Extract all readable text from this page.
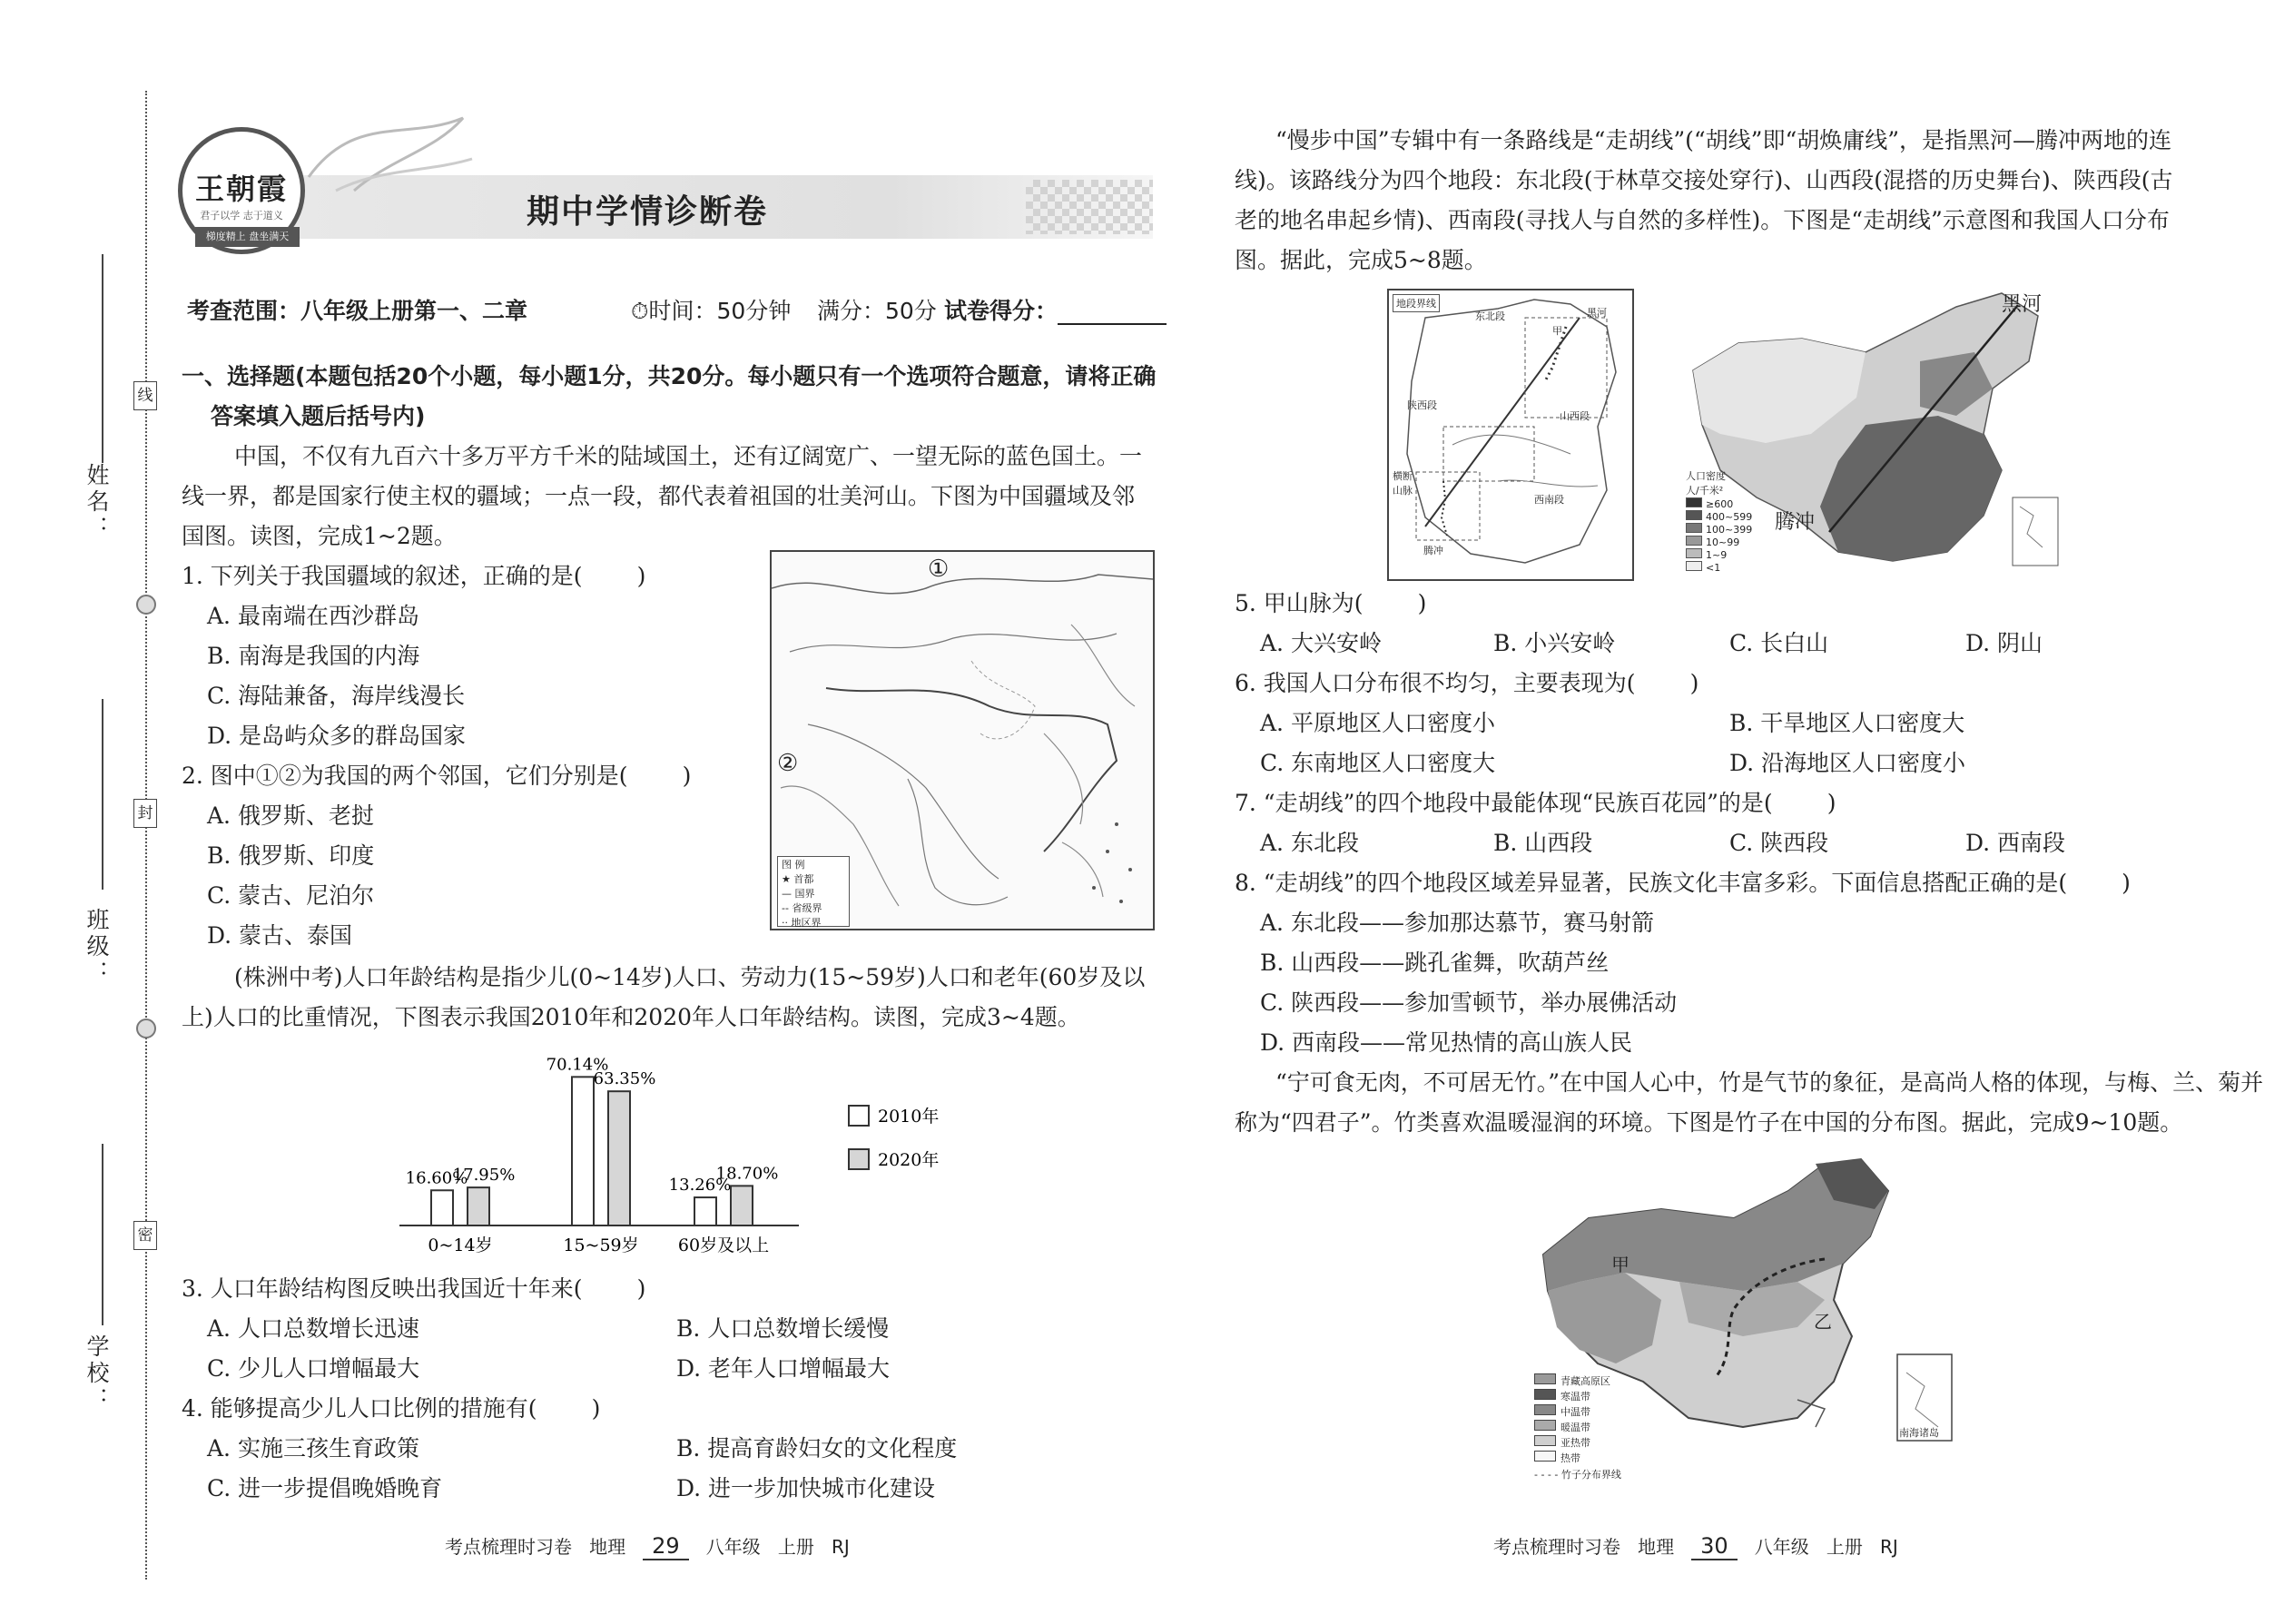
姓名：
班级：
学校：
线
封
密
王朝霞
君子以学 志于道义
梯度精上 盘坐满天
期中学情诊断卷
考查范围：八年级上册第一、二章	⏱时间：50分钟 满分：50分 试卷得分：
一、选择题(本题包括20个小题，每小题1分，共20分。每小题只有一个选项符合题意，请将正确
答案填入题后括号内)
中国，不仅有九百六十多万平方千米的陆域国土，还有辽阔宽广、一望无际的蓝色国土。一
线一界，都是国家行使主权的疆域；一点一段，都代表着祖国的壮美河山。下图为中国疆域及邻
国图。读图，完成1~2题。
1. 下列关于我国疆域的叙述，正确的是( )
A. 最南端在西沙群岛
B. 南海是我国的内海
C. 海陆兼备，海岸线漫长
D. 是岛屿众多的群岛国家
2. 图中①②为我国的两个邻国，它们分别是( )
A. 俄罗斯、老挝
B. 俄罗斯、印度
C. 蒙古、尼泊尔
D. 蒙古、泰国
①
②
图 例
★ 首都
— 国界
-- 省级界
·· 地区界
(株洲中考)人口年龄结构是指少儿(0~14岁)人口、劳动力(15~59岁)人口和老年(60岁及以
上)人口的比重情况，下图表示我国2010年和2020年人口年龄结构。读图，完成3~4题。
16.60%
17.95%
0~14岁
70.14%
63.35%
15~59岁
13.26%
18.70%
60岁及以上
2010年
2020年
3. 人口年龄结构图反映出我国近十年来( )
A. 人口总数增长迅速	B. 人口总数增长缓慢
C. 少儿人口增幅最大	D. 老年人口增幅最大
4. 能够提高少儿人口比例的措施有( )
A. 实施三孩生育政策	B. 提高育龄妇女的文化程度
C. 进一步提倡晚婚晚育	D. 进一步加快城市化建设
考点梳理时习卷 地理 29 八年级 上册 RJ
“慢步中国”专辑中有一条路线是“走胡线”(“胡线”即“胡焕庸线”，是指黑河—腾冲两地的连
线)。该路线分为四个地段：东北段(于林草交接处穿行)、山西段(混搭的历史舞台)、陕西段(古
老的地名串起乡情)、西南段(寻找人与自然的多样性)。下图是“走胡线”示意图和我国人口分布
图。据此，完成5~8题。
地段界线
东北段
甲
黑河
陕西段
山西段
西南段
横断山脉
腾冲
黑河
腾冲
人口密度
人/千米²
≥600
400~599
100~399
10~99
1~9
<1
5. 甲山脉为( )
A. 大兴安岭	B. 小兴安岭	C. 长白山	D. 阴山
6. 我国人口分布很不均匀，主要表现为( )
A. 平原地区人口密度小	B. 干旱地区人口密度大
C. 东南地区人口密度大	D. 沿海地区人口密度小
7. “走胡线”的四个地段中最能体现“民族百花园”的是( )
A. 东北段	B. 山西段	C. 陕西段	D. 西南段
8. “走胡线”的四个地段区域差异显著，民族文化丰富多彩。下面信息搭配正确的是( )
A. 东北段——参加那达慕节，赛马射箭
B. 山西段——跳孔雀舞，吹葫芦丝
C. 陕西段——参加雪顿节，举办展佛活动
D. 西南段——常见热情的高山族人民
“宁可食无肉，不可居无竹。”在中国人心中，竹是气节的象征，是高尚人格的体现，与梅、兰、菊并
称为“四君子”。竹类喜欢温暖湿润的环境。下图是竹子在中国的分布图。据此，完成9~10题。
甲
乙
南海诸岛
青藏高原区
寒温带
中温带
暖温带
亚热带
热带
- - - - 竹子分布界线
考点梳理时习卷 地理 30 八年级 上册 RJ
